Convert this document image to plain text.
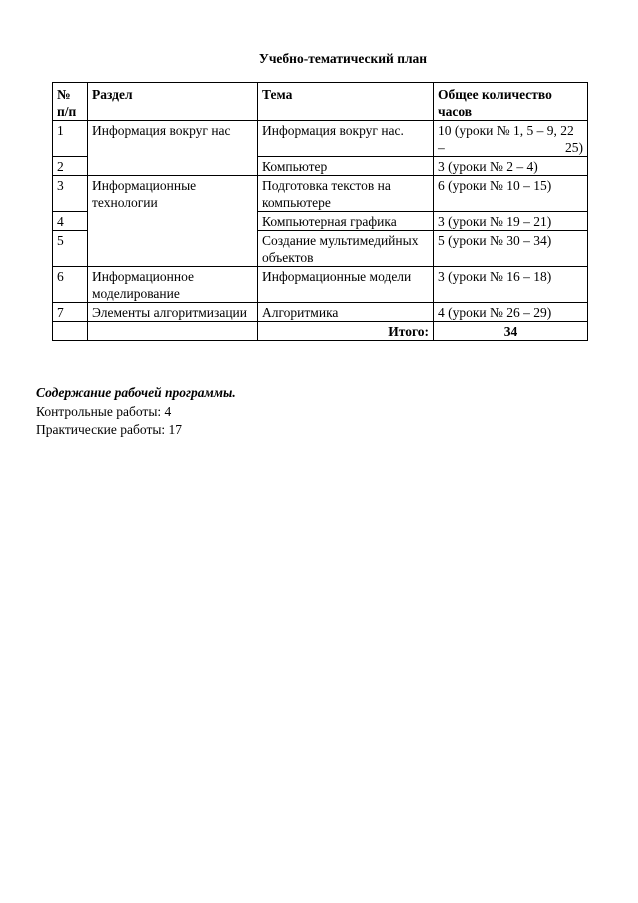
Учебно-тематический план
№ п/п	Раздел	Тема	Общее количество часов
1	Информация вокруг нас	Информация вокруг нас.	10 (уроки № 1, 5 – 9, 22 – 25)
2		Компьютер	3 (уроки № 2 – 4)
3	Информационные технологии	Подготовка текстов на компьютере	6 (уроки № 10 – 15)
4		Компьютерная графика	3 (уроки № 19 – 21)
5		Создание мультимедийных объектов	5 (уроки № 30 – 34)
6	Информационное моделирование	Информационные модели	3 (уроки № 16 – 18)
7	Элементы алгоритмизации	Алгоритмика	4 (уроки № 26 – 29)
		Итого:	34
Содержание рабочей программы.
Контрольные работы: 4
Практические работы: 17
